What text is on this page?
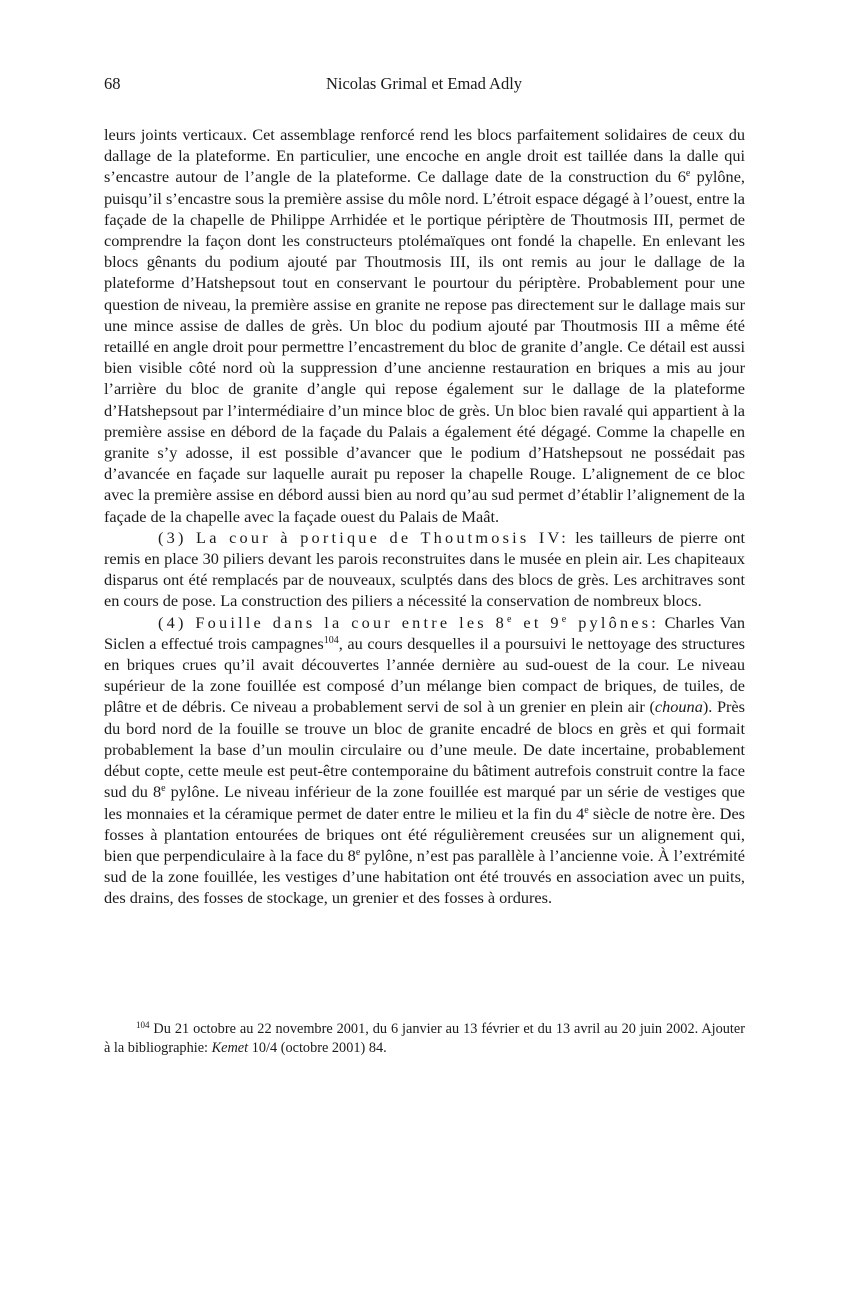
68	Nicolas Grimal et Emad Adly

leurs joints verticaux. Cet assemblage renforcé rend les blocs parfaitement solidaires de ceux du dallage de la plateforme. En particulier, une encoche en angle droit est taillée dans la dalle qui s’encastre autour de l’angle de la plateforme. Ce dallage date de la construction du 6e pylône, puisqu’il s’encastre sous la première assise du môle nord. L’étroit espace dégagé à l’ouest, entre la façade de la chapelle de Philippe Arrhidée et le portique périptère de Thoutmosis III, permet de comprendre la façon dont les constructeurs ptolémaïques ont fondé la chapelle. En enlevant les blocs gênants du podium ajouté par Thoutmosis III, ils ont remis au jour le dallage de la plateforme d’Hatshepsout tout en conservant le pourtour du périptère. Probablement pour une question de niveau, la première assise en granite ne repose pas directement sur le dallage mais sur une mince assise de dalles de grès. Un bloc du podium ajouté par Thoutmosis III a même été retaillé en angle droit pour permettre l’encastrement du bloc de granite d’angle. Ce détail est aussi bien visible côté nord où la suppression d’une ancienne restauration en briques a mis au jour l’arrière du bloc de granite d’angle qui repose également sur le dallage de la plateforme d’Hatshepsout par l’intermédiaire d’un mince bloc de grès. Un bloc bien ravalé qui appartient à la première assise en débord de la façade du Palais a également été dégagé. Comme la chapelle en granite s’y adosse, il est possible d’avancer que le podium d’Hatshepsout ne possédait pas d’avancée en façade sur laquelle aurait pu reposer la chapelle Rouge. L’alignement de ce bloc avec la première assise en débord aussi bien au nord qu’au sud permet d’établir l’alignement de la façade de la chapelle avec la façade ouest du Palais de Maât.

(3) La cour à portique de Thoutmosis IV: les tailleurs de pierre ont remis en place 30 piliers devant les parois reconstruites dans le musée en plein air. Les chapiteaux disparus ont été remplacés par de nouveaux, sculptés dans des blocs de grès. Les architraves sont en cours de pose. La construction des piliers a nécessité la conservation de nombreux blocs.

(4) Fouille dans la cour entre les 8e et 9e pylônes: Charles Van Siclen a effectué trois campagnes$^{104}$, au cours desquelles il a poursuivi le nettoyage des structures en briques crues qu’il avait découvertes l’année dernière au sud-ouest de la cour. Le niveau supérieur de la zone fouillée est composé d’un mélange bien compact de briques, de tuiles, de plâtre et de débris. Ce niveau a probablement servi de sol à un grenier en plein air (chouna). Près du bord nord de la fouille se trouve un bloc de granite encadré de blocs en grès et qui formait probablement la base d’un moulin circulaire ou d’une meule. De date incertaine, probablement début copte, cette meule est peut-être contemporaine du bâtiment autrefois construit contre la face sud du 8e pylône. Le niveau inférieur de la zone fouillée est marqué par un série de vestiges que les monnaies et la céramique permet de dater entre le milieu et la fin du 4e siècle de notre ère. Des fosses à plantation entourées de briques ont été régulièrement creusées sur un alignement qui, bien que perpendiculaire à la face du 8e pylône, n’est pas parallèle à l’ancienne voie. À l’extrémité sud de la zone fouillée, les vestiges d’une habitation ont été trouvés en association avec un puits, des drains, des fosses de stockage, un grenier et des fosses à ordures.

$^{104}$ Du 21 octobre au 22 novembre 2001, du 6 janvier au 13 février et du 13 avril au 20 juin 2002. Ajouter à la bibliographie: Kemet 10/4 (octobre 2001) 84.
